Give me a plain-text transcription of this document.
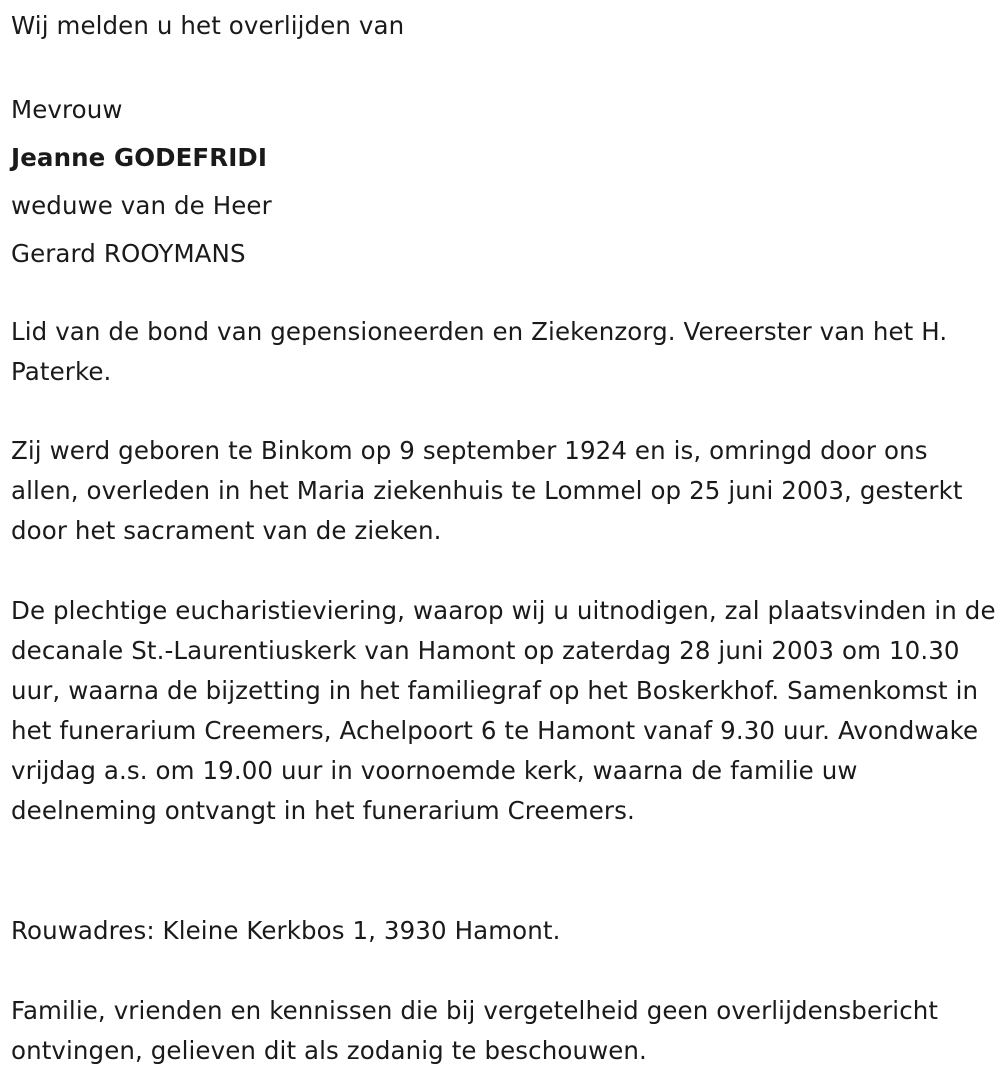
Wij melden u het overlijden van

Mevrouw

Jeanne GODEFRIDI

weduwe van de Heer

Gerard ROOYMANS

Lid van de bond van gepensioneerden en Ziekenzorg. Vereerster van het H. Paterke.

Zij werd geboren te Binkom op 9 september 1924 en is, omringd door ons allen, overleden in het Maria ziekenhuis te Lommel op 25 juni 2003, gesterkt door het sacrament van de zieken.

De plechtige eucharistieviering, waarop wij u uitnodigen, zal plaatsvinden in de decanale St.-Laurentiuskerk van Hamont op zaterdag 28 juni 2003 om 10.30 uur, waarna de bijzetting in het familiegraf op het Boskerkhof. Samenkomst in het funerarium Creemers, Achelpoort 6 te Hamont vanaf 9.30 uur. Avondwake vrijdag a.s. om 19.00 uur in voornoemde kerk, waarna de familie uw deelneming ontvangt in het funerarium Creemers.

Rouwadres: Kleine Kerkbos 1, 3930 Hamont.

Familie, vrienden en kennissen die bij vergetelheid geen overlijdensbericht ontvingen, gelieven dit als zodanig te beschouwen.
